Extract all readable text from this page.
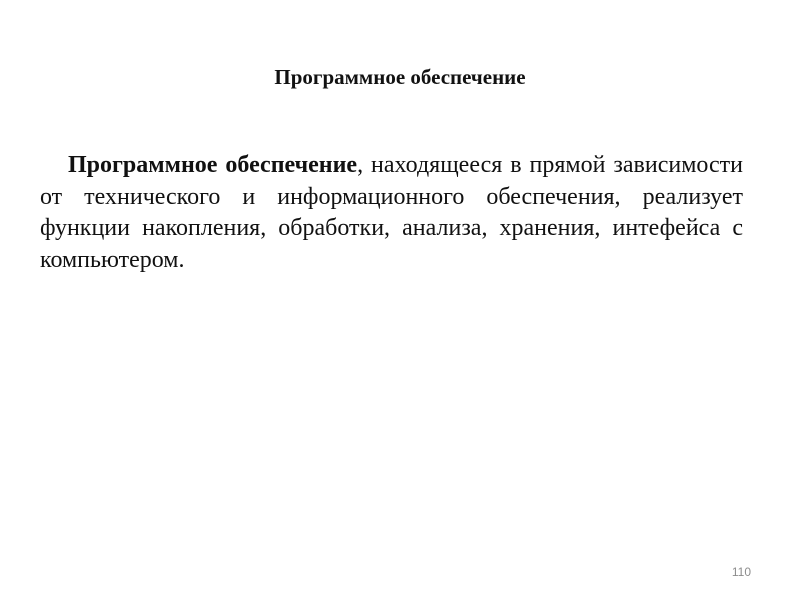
Программное обеспечение

Программное обеспечение, находящееся в прямой зависимости от технического и информационного обеспечения, реализует функции накопления, обработки, анализа, хранения, интефейса с компьютером.

110
